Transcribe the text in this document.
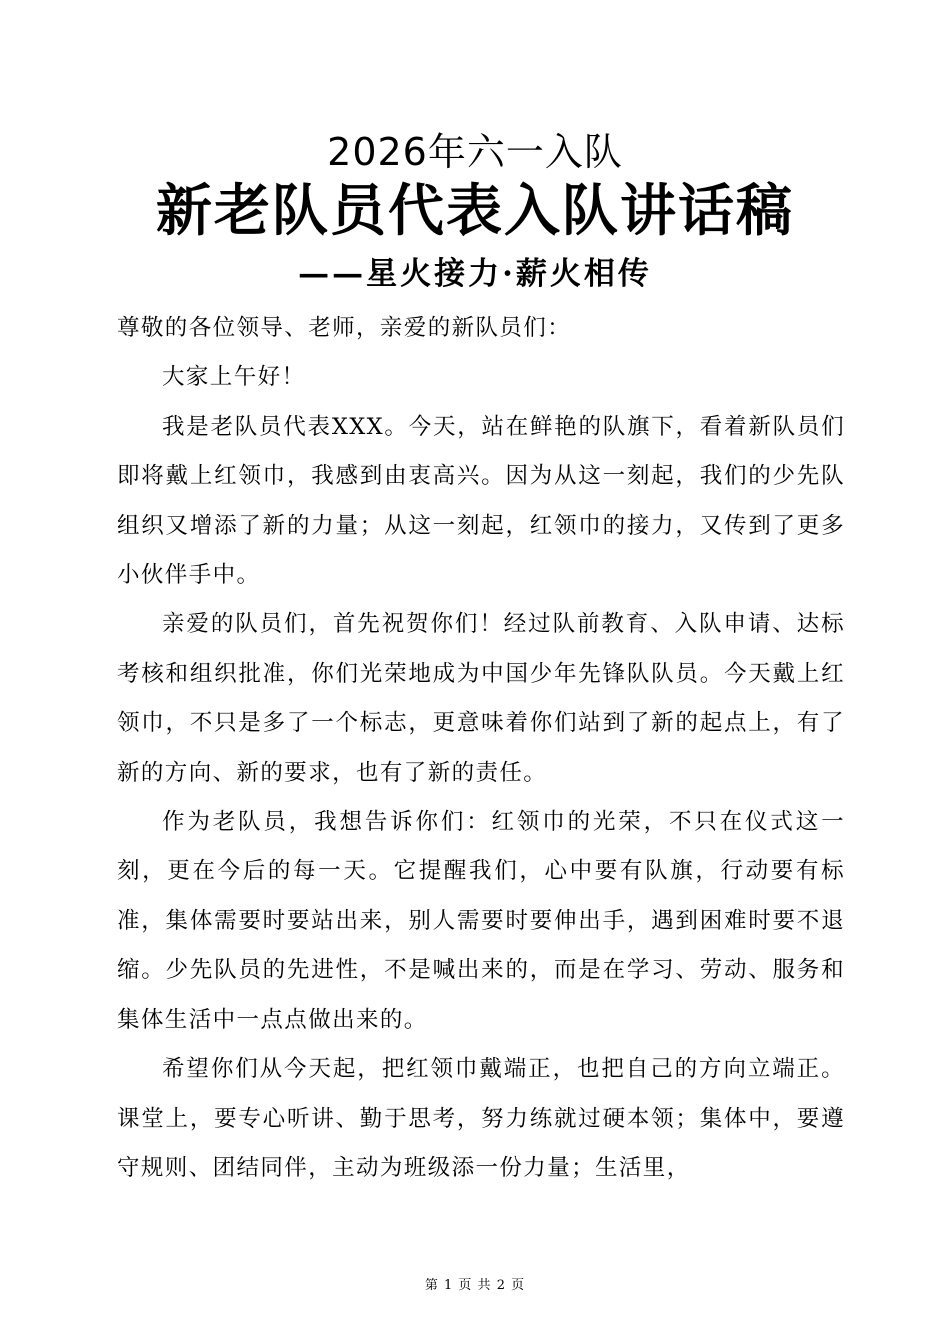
2026年六一入队
新老队员代表入队讲话稿
——星火接力·薪火相传

尊敬的各位领导、老师，亲爱的新队员们：

大家上午好！

我是老队员代表XXX。今天，站在鲜艳的队旗下，看着新队员们即将戴上红领巾，我感到由衷高兴。因为从这一刻起，我们的少先队组织又增添了新的力量；从这一刻起，红领巾的接力，又传到了更多小伙伴手中。

亲爱的队员们，首先祝贺你们！经过队前教育、入队申请、达标考核和组织批准，你们光荣地成为中国少年先锋队队员。今天戴上红领巾，不只是多了一个标志，更意味着你们站到了新的起点上，有了新的方向、新的要求，也有了新的责任。

作为老队员，我想告诉你们：红领巾的光荣，不只在仪式这一刻，更在今后的每一天。它提醒我们，心中要有队旗，行动要有标准，集体需要时要站出来，别人需要时要伸出手，遇到困难时要不退缩。少先队员的先进性，不是喊出来的，而是在学习、劳动、服务和集体生活中一点点做出来的。

希望你们从今天起，把红领巾戴端正，也把自己的方向立端正。课堂上，要专心听讲、勤于思考，努力练就过硬本领；集体中，要遵守规则、团结同伴，主动为班级添一份力量；生活里，

第 1 页 共 2 页
